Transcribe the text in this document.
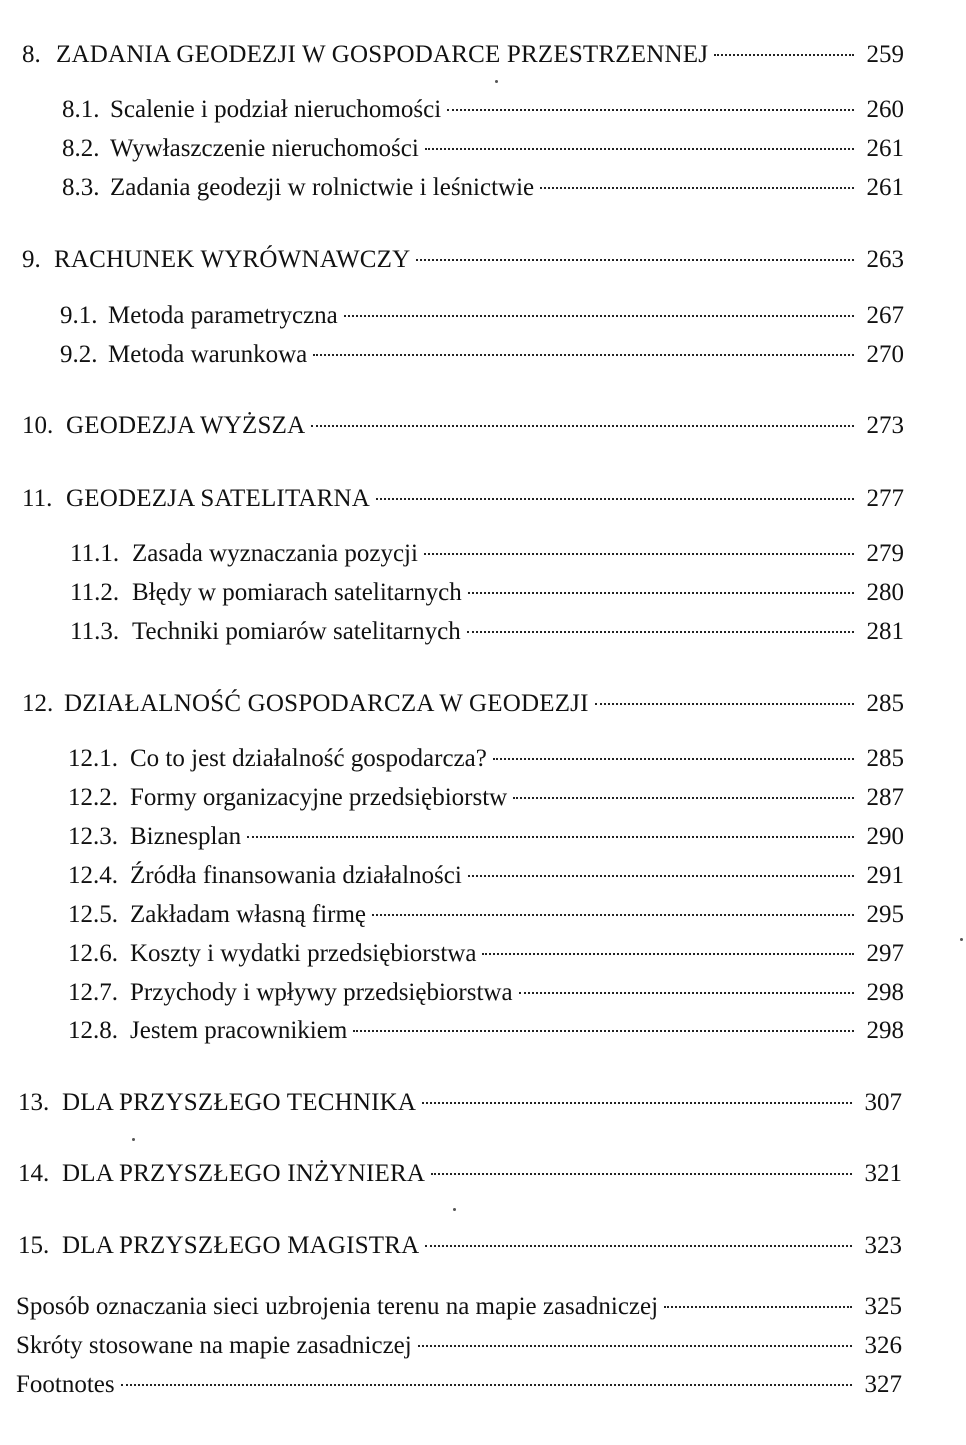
8. ZADANIA GEODEZJI W GOSPODARCE PRZESTRZENNEJ	259
8.1. Scalenie i podział nieruchomości	260
8.2. Wywłaszczenie nieruchomości	261
8.3. Zadania geodezji w rolnictwie i leśnictwie	261
9. RACHUNEK WYRÓWNAWCZY	263
9.1. Metoda parametryczna	267
9.2. Metoda warunkowa	270
10. GEODEZJA WYŻSZA	273
11. GEODEZJA SATELITARNA	277
11.1. Zasada wyznaczania pozycji	279
11.2. Błędy w pomiarach satelitarnych	280
11.3. Techniki pomiarów satelitarnych	281
12. DZIAŁALNOŚĆ GOSPODARCZA W GEODEZJI	285
12.1. Co to jest działalność gospodarcza?	285
12.2. Formy organizacyjne przedsiębiorstw	287
12.3. Biznesplan	290
12.4. Źródła finansowania działalności	291
12.5. Zakładam własną firmę	295
12.6. Koszty i wydatki przedsiębiorstwa	297
12.7. Przychody i wpływy przedsiębiorstwa	298
12.8. Jestem pracownikiem	298
13. DLA PRZYSZŁEGO TECHNIKA	307
14. DLA PRZYSZŁEGO INŻYNIERA	321
15. DLA PRZYSZŁEGO MAGISTRA	323
Sposób oznaczania sieci uzbrojenia terenu na mapie zasadniczej	325
Skróty stosowane na mapie zasadniczej	326
Footnotes	327
